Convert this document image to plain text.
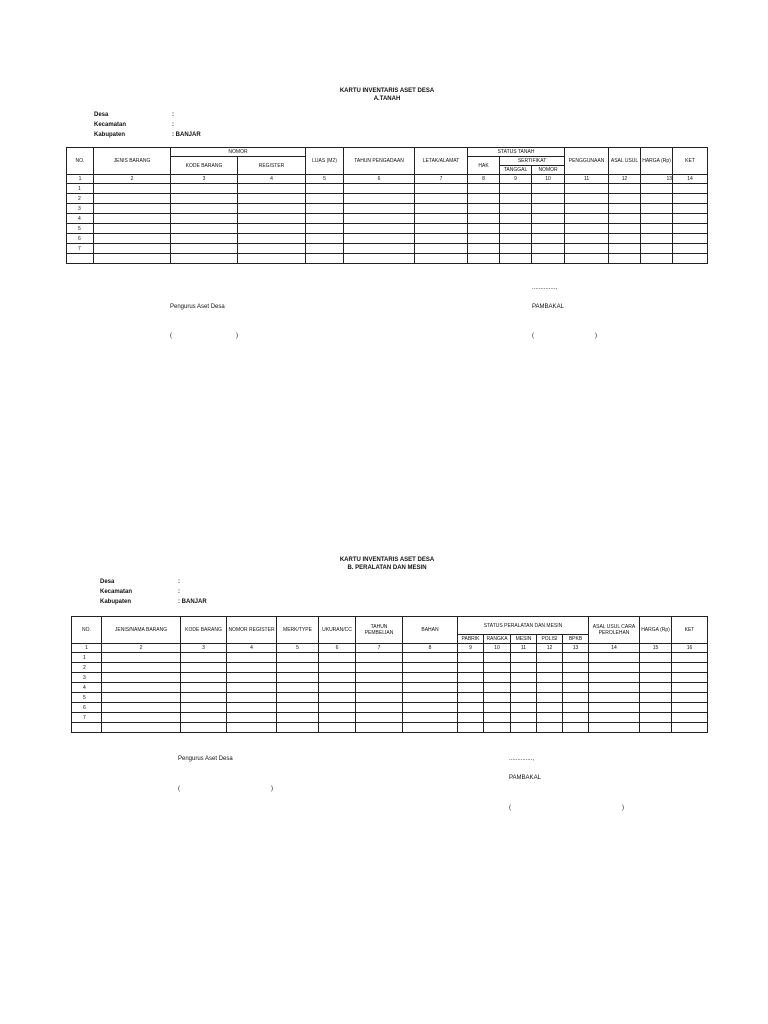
KARTU INVENTARIS ASET DESA
A.TANAH
Desa	:
Kecamatan	:
Kabupaten	: BANJAR
NO.	JENIS BARANG	NOMOR		LUAS (M2)	TAHUN PENGADAAN	LETAK/ALAMAT	STATUS TANAH			PENGGUNAAN	ASAL USUL	HARGA (Rp)	KET
		KODE BARANG	REGISTER				HAK	SERTIFIKAT					
								TANGGAL	NOMOR				
1	2	3	4	5	6	7	8	9	10	11	12	13	14
1													
2													
3													
4													
5													
6													
7													

..............,
Pengurus Aset Desa	PAMBAKAL
(	)	(	)
KARTU INVENTARIS ASET DESA
B. PERALATAN DAN MESIN
Desa	:
Kecamatan	:
Kabupaten	: BANJAR
NO.	JENIS/NAMA BARANG	KODE BARANG	NOMOR REGISTER	MERK/TYPE	UKURAN/CC	TAHUN PEMBELIAN	BAHAN	STATUS PERALATAN DAN MESIN					ASAL USUL CARA PEROLEHAN	HARGA (Rp)	KET
								PABRIK	RANGKA	MESIN	POLISI	BPKB			
1	2	3	4	5	6	7	8	9	10	11	12	13	14	15	16
1															
2															
3															
4															
5															
6															
7															

Pengurus Aset Desa	..............,
PAMBAKAL
(	)
(	)
